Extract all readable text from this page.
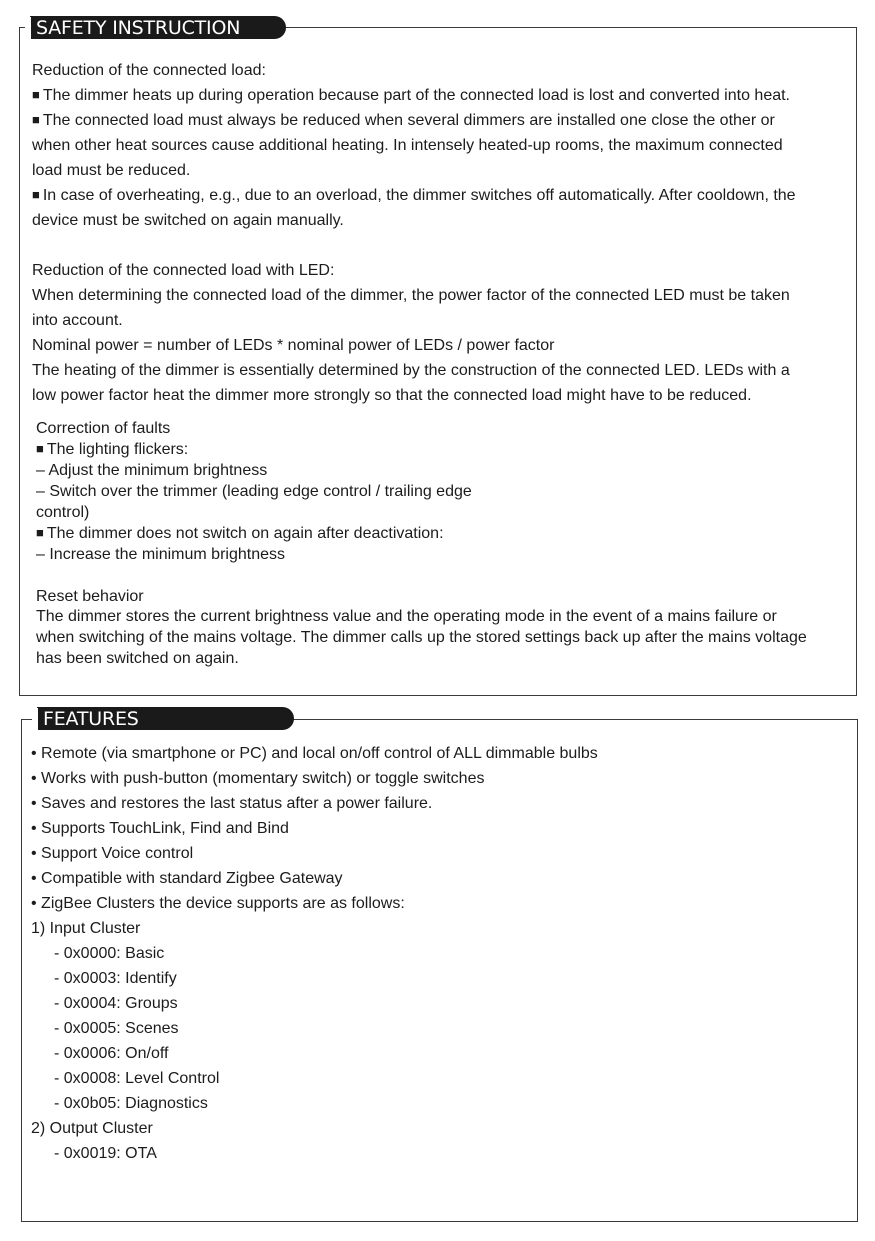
SAFETY INSTRUCTION
Reduction of the connected load:
■ The dimmer heats up during operation because part of the connected load is lost and converted into heat.
■ The connected load must always be reduced when several dimmers are installed one close the other or
when other heat sources cause additional heating. In intensely heated-up rooms, the maximum connected
load must be reduced.
■ In case of overheating, e.g., due to an overload, the dimmer switches off automatically. After cooldown, the
device must be switched on again manually.
Reduction of the connected load with LED:
When determining the connected load of the dimmer, the power factor of the connected LED must be taken
into account.
Nominal power = number of LEDs * nominal power of LEDs / power factor
The heating of the dimmer is essentially determined by the construction of the connected LED. LEDs with a
low power factor heat the dimmer more strongly so that the connected load might have to be reduced.
Correction of faults
■ The lighting flickers:
– Adjust the minimum brightness
– Switch over the trimmer (leading edge control / trailing edge
control)
■ The dimmer does not switch on again after deactivation:
– Increase the minimum brightness
Reset behavior
The dimmer stores the current brightness value and the operating mode in the event of a mains failure or
when switching of the mains voltage. The dimmer calls up the stored settings back up after the mains voltage
has been switched on again.
FEATURES
• Remote (via smartphone or PC) and local on/off control of ALL dimmable bulbs
• Works with push-button (momentary switch) or toggle switches
• Saves and restores the last status after a power failure.
• Supports TouchLink, Find and Bind
• Support Voice control
• Compatible with standard Zigbee Gateway
• ZigBee Clusters the device supports are as follows:
1) Input Cluster
- 0x0000: Basic
- 0x0003: Identify
- 0x0004: Groups
- 0x0005: Scenes
- 0x0006: On/off
- 0x0008: Level Control
- 0x0b05: Diagnostics
2) Output Cluster
- 0x0019: OTA
